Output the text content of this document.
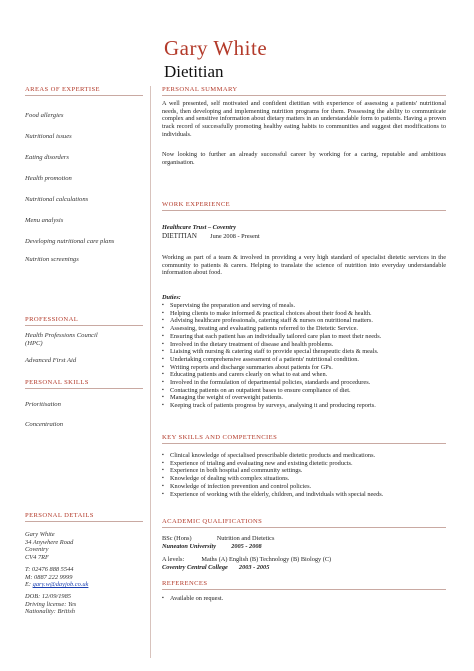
Gary White
Dietitian
AREAS OF EXPERTISE
Food allergies
Nutritional issues
Eating disorders
Health promotion
Nutritional calculations
Menu analysis
Developing nutritional care plans
Nutrition screenings
PROFESSIONAL
Health Professions Council (HPC)
Advanced First Aid
PERSONAL SKILLS
Prioritisation
Concentration
PERSONAL DETAILS
Gary White
34 Anywhere Road
Coventry
CV4 7RF
T: 02476 888 5544
M: 0887 222 9999
E: gary.w@dayjob.co.uk
DOB: 12/09/1985
Driving license: Yes
Nationality: British
PERSONAL SUMMARY
A well presented, self motivated and confident dietitian with experience of assessing a patients' nutritional needs, then developing and implementing nutrition programs for them. Possessing the ability to communicate complex and sensitive information about dietary matters in an understandable form to patients. Having a proven track record of successfully promoting healthy eating habits to communities and suggest diet modifications to individuals.
Now looking to further an already successful career by working for a caring, reputable and ambitious organisation.
WORK EXPERIENCE
Healthcare Trust – Coventry
DIETITIAN June 2008 - Present
Working as part of a team & involved in providing a very high standard of specialist dietetic services in the community to patients & carers. Helping to translate the science of nutrition into everyday understandable information about food.
Duties:
▪ Supervising the preparation and serving of meals.
▪ Helping clients to make informed & practical choices about their food & health.
▪ Advising healthcare professionals, catering staff & nurses on nutritional matters.
▪ Assessing, treating and evaluating patients referred to the Dietetic Service.
▪ Ensuring that each patient has an individually tailored care plan to meet their needs.
▪ Involved in the dietary treatment of disease and health problems.
▪ Liaising with nursing & catering staff to provide special therapeutic diets & meals.
▪ Undertaking comprehensive assessment of a patients' nutritional condition.
▪ Writing reports and discharge summaries about patients for GPs.
▪ Educating patients and carers clearly on what to eat and when.
▪ Involved in the formulation of departmental policies, standards and procedures.
▪ Contacting patients on an outpatient bases to ensure compliance of diet.
▪ Managing the weight of overweight patients.
▪ Keeping track of patients progress by surveys, analysing it and producing reports.
KEY SKILLS AND COMPETENCIES
▪ Clinical knowledge of specialised prescribable dietetic products and medications.
▪ Experience of trialing and evaluating new and existing dietetic products.
▪ Experience in both hospital and community settings.
▪ Knowledge of dealing with complex situations.
▪ Knowledge of infection prevention and control policies.
▪ Experience of working with the elderly, children, and individuals with special needs.
ACADEMIC QUALIFICATIONS
BSc (Hons)	Nutrition and Dietetics
Nuneaton University 2005 - 2008
A levels:	Maths (A) English (B) Technology (B) Biology (C)
Coventry Central College 2003 - 2005
REFERENCES
▪ Available on request.
